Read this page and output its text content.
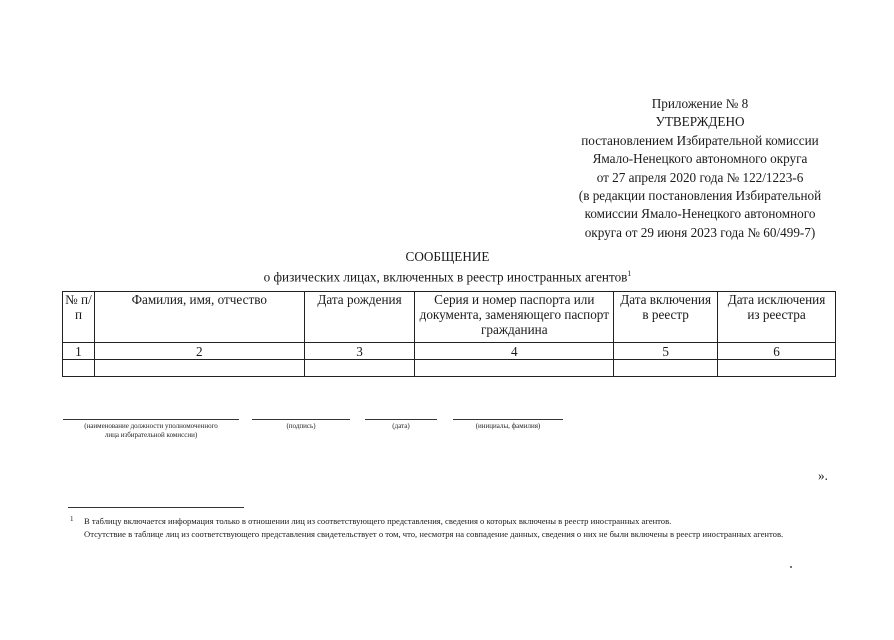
Приложение № 8
УТВЕРЖДЕНО
постановлением Избирательной комиссии
Ямало-Ненецкого автономного округа
от 27 апреля 2020 года № 122/1223-6
(в редакции постановления Избирательной
комиссии Ямало-Ненецкого автономного
округа от 29 июня 2023 года № 60/499-7)
СООБЩЕНИЕ
о физических лицах, включенных в реестр иностранных агентов$^1$
№ п/п	Фамилия, имя, отчество	Дата рождения	Серия и номер паспорта или документа, заменяющего паспорт гражданина	Дата включения в реестр	Дата исключения из реестра
1	2	3	4	5	6

(наименование должности уполномоченного
лица избирательной комиссии)
(подпись)	(дата)	(инициалы, фамилия)
».
1	В таблицу включается информация только в отношении лиц из соответствующего представления, сведения о которых включены в реестр иностранных агентов.

Отсутствие в таблице лиц из соответствующего представления свидетельствует о том, что, несмотря на совпадение данных, сведения о них не были включены в реестр иностранных агентов.
